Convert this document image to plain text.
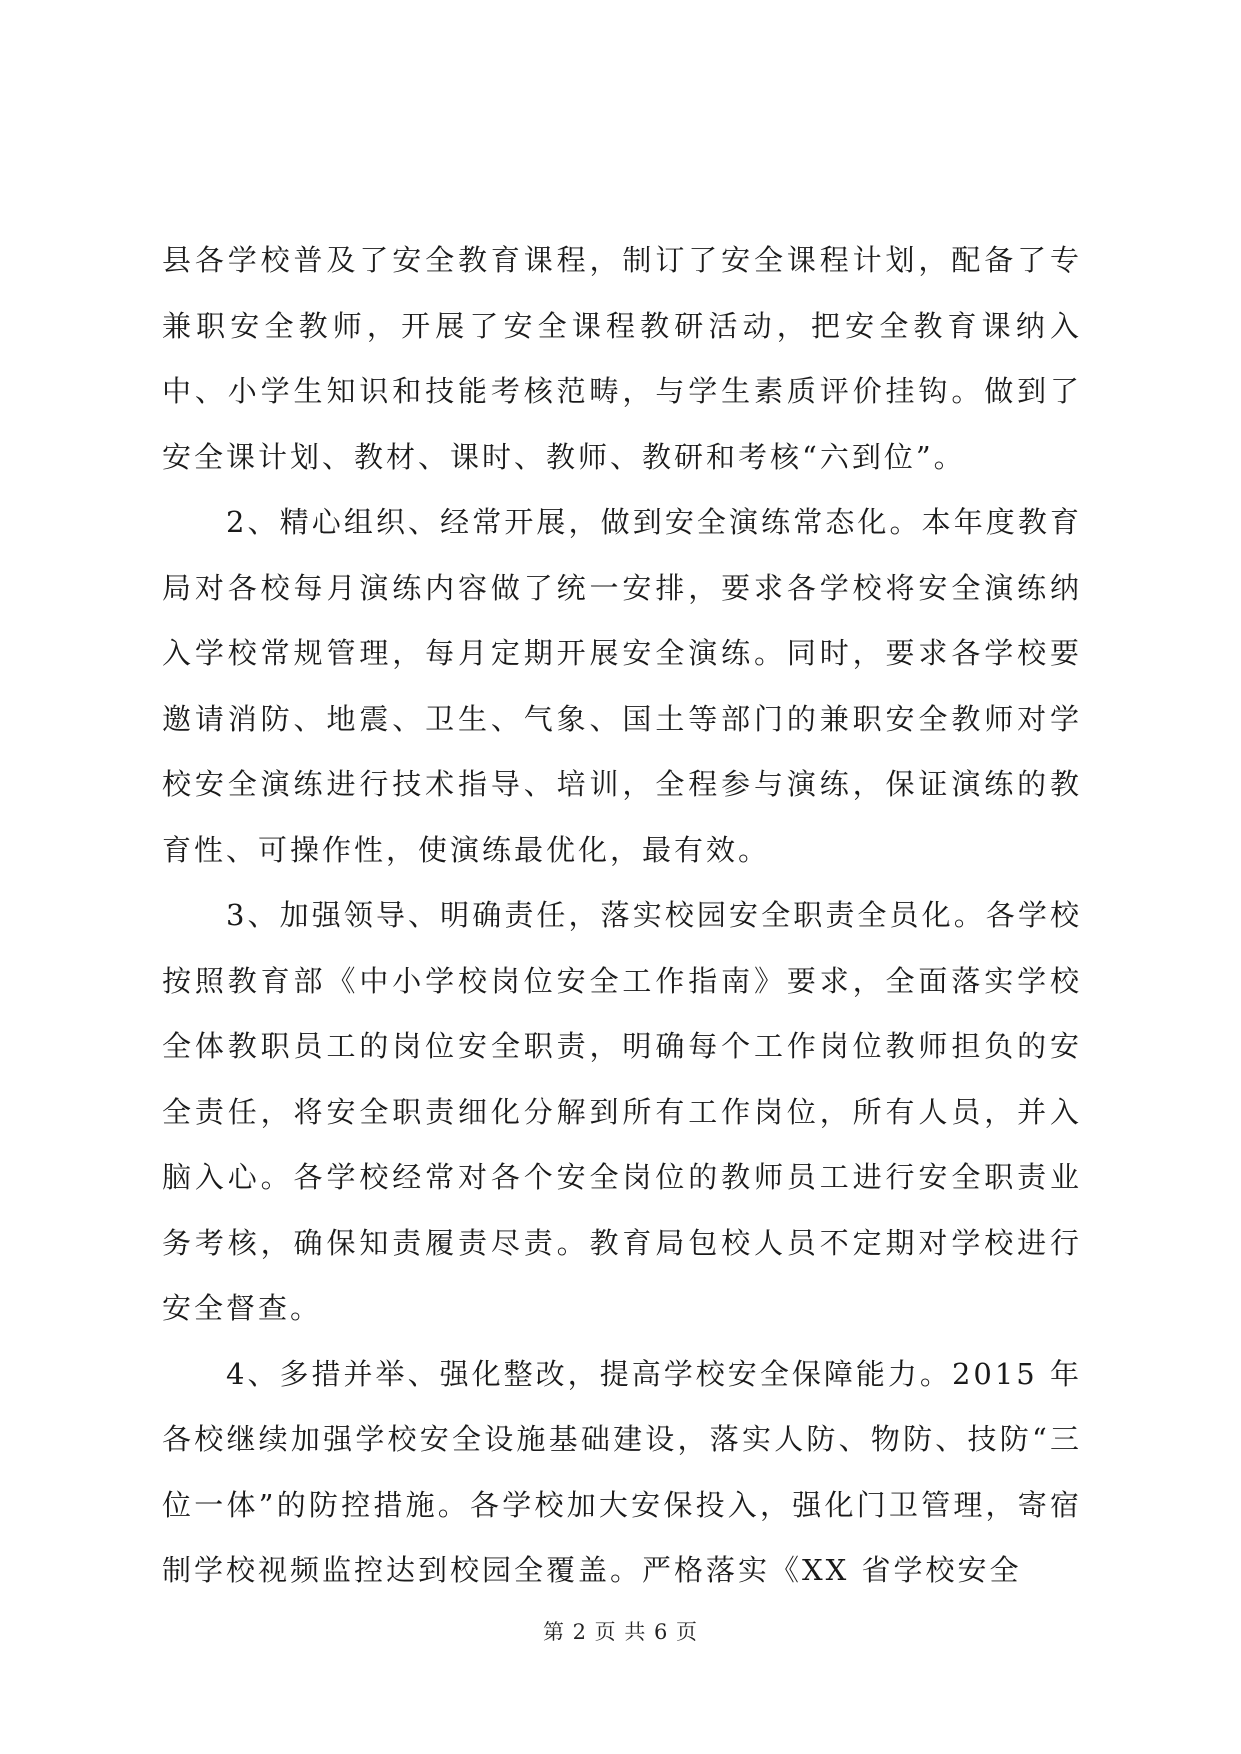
县各学校普及了安全教育课程，制订了安全课程计划，配备了专兼职安全教师，开展了安全课程教研活动，把安全教育课纳入中、小学生知识和技能考核范畴，与学生素质评价挂钩。做到了安全课计划、教材、课时、教师、教研和考核“六到位”。

2、精心组织、经常开展，做到安全演练常态化。本年度教育局对各校每月演练内容做了统一安排，要求各学校将安全演练纳入学校常规管理，每月定期开展安全演练。同时，要求各学校要邀请消防、地震、卫生、气象、国土等部门的兼职安全教师对学校安全演练进行技术指导、培训，全程参与演练，保证演练的教育性、可操作性，使演练最优化，最有效。

3、加强领导、明确责任，落实校园安全职责全员化。各学校按照教育部《中小学校岗位安全工作指南》要求，全面落实学校全体教职员工的岗位安全职责，明确每个工作岗位教师担负的安全责任，将安全职责细化分解到所有工作岗位，所有人员，并入脑入心。各学校经常对各个安全岗位的教师员工进行安全职责业务考核，确保知责履责尽责。教育局包校人员不定期对学校进行安全督查。

4、多措并举、强化整改，提高学校安全保障能力。2015 年各校继续加强学校安全设施基础建设，落实人防、物防、技防“三位一体”的防控措施。各学校加大安保投入，强化门卫管理，寄宿制学校视频监控达到校园全覆盖。严格落实《XX 省学校安全

第 2 页 共 6 页
